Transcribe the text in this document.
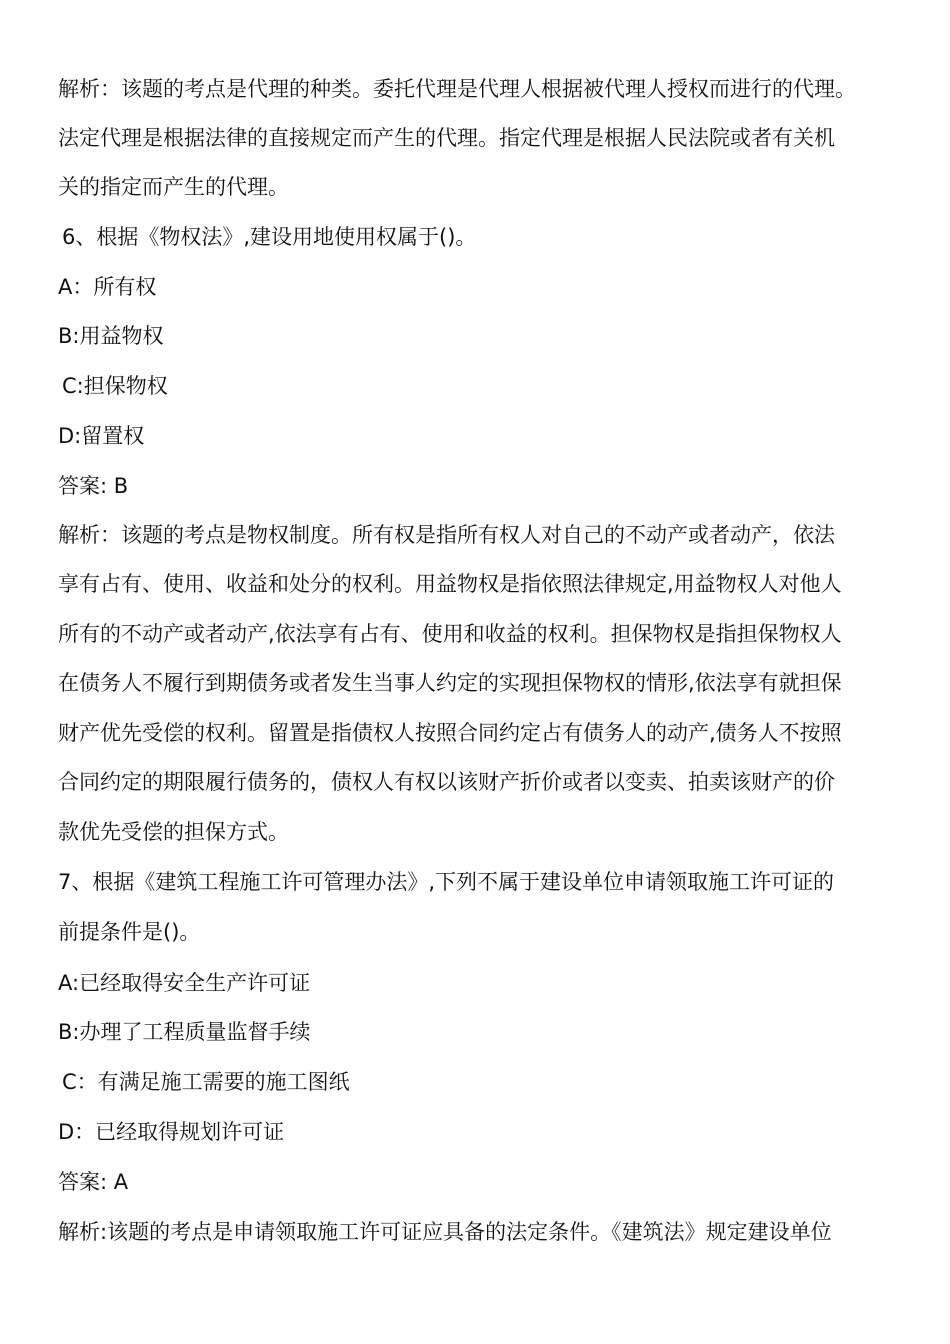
解析：该题的考点是代理的种类。委托代理是代理人根据被代理人授权而进行的代理。
法定代理是根据法律的直接规定而产生的代理。指定代理是根据人民法院或者有关机
关的指定而产生的代理。
6、根据《物权法》,建设用地使用权属于()。
A：所有权
B:用益物权
C:担保物权
D:留置权
答案: B
解析：该题的考点是物权制度。所有权是指所有权人对自己的不动产或者动产，依法
享有占有、使用、收益和处分的权利。用益物权是指依照法律规定,用益物权人对他人
所有的不动产或者动产,依法享有占有、使用和收益的权利。担保物权是指担保物权人
在债务人不履行到期债务或者发生当事人约定的实现担保物权的情形,依法享有就担保
财产优先受偿的权利。留置是指债权人按照合同约定占有债务人的动产,债务人不按照
合同约定的期限履行债务的，债权人有权以该财产折价或者以变卖、拍卖该财产的价
款优先受偿的担保方式。
7、根据《建筑工程施工许可管理办法》,下列不属于建设单位申请领取施工许可证的
前提条件是()。
A:已经取得安全生产许可证
B:办理了工程质量监督手续
C：有满足施工需要的施工图纸
D：已经取得规划许可证
答案: A
解析:该题的考点是申请领取施工许可证应具备的法定条件。《建筑法》规定建设单位
